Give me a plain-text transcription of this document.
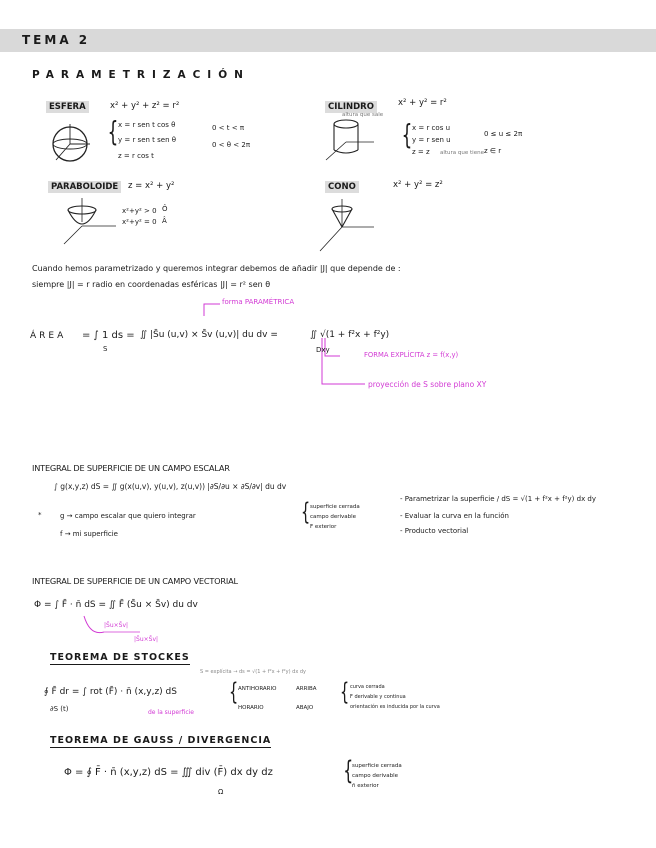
TEMA 2
PARAMETRIZACIÓN
ESFERA	x² + y² + z² = r²
{ x = r sen t cos θ
y = r sen t sen θ
z = r cos t
0 < t < π
0 < θ < 2π
CILINDRO	x² + y² = r²
altura que sale
{ x = r cos u
y = r sen u
z = z altura que tiene
0 ≤ u ≤ 2π
z ∈ r
PARABOLOIDE	z = x² + y²
x²+y² > 0
x²+y² = 0
Ô
Â
CONO	x² + y² = z²
Cuando hemos parametrizado y queremos integrar debemos de añadir |J| que depende de :
siempre |J| = r radio en coordenadas esféricas |J| = r² sen θ
forma PARAMÉTRICA
ÁREA = ∫ 1 ds =
S
∬ |S̄u (u,v) × S̄v (u,v)| du dv =	∬ √(1 + f²x + f²y)
Dxy
FORMA EXPLÍCITA z = f(x,y)
proyección de S sobre plano XY
INTEGRAL DE SUPERFICIE DE UN CAMPO ESCALAR
∫ g(x,y,z) dS = ∬ g(x(u,v), y(u,v), z(u,v)) |∂S/∂u × ∂S/∂v| du dv
*	g → campo escalar que quiero integrar
f → mi superficie
{ superficie cerrada
campo derivable
F exterior
- Parametrizar la superficie / dS = √(1 + f²x + f²y) dx dy
- Evaluar la curva en la función
- Producto vectorial
INTEGRAL DE SUPERFICIE DE UN CAMPO VECTORIAL
Φ = ∫ F̄ · n̄ dS = ∬ F̄ (S̄u × S̄v) du dv
|S̄u×S̄v|
|S̄u×S̄v|
TEOREMA DE STOCKES
S = explícita → ds = √(1 + f²x + f²y) dx dy
∮ F̄ dr = ∫ rot (F̄) · n̄ (x,y,z) dS
∂S (t)	de la superficie
{ ANTIHORARIO	ARRIBA
HORARIO	ABAJO
{ curva cerrada
F derivable y continua
orientación es inducida por la curva
TEOREMA DE GAUSS / DIVERGENCIA
Φ = ∮ F̄ · n̄ (x,y,z) dS = ∭ div (F̄) dx dy dz
Ω
{
superficie cerrada
campo derivable
n̄ exterior
